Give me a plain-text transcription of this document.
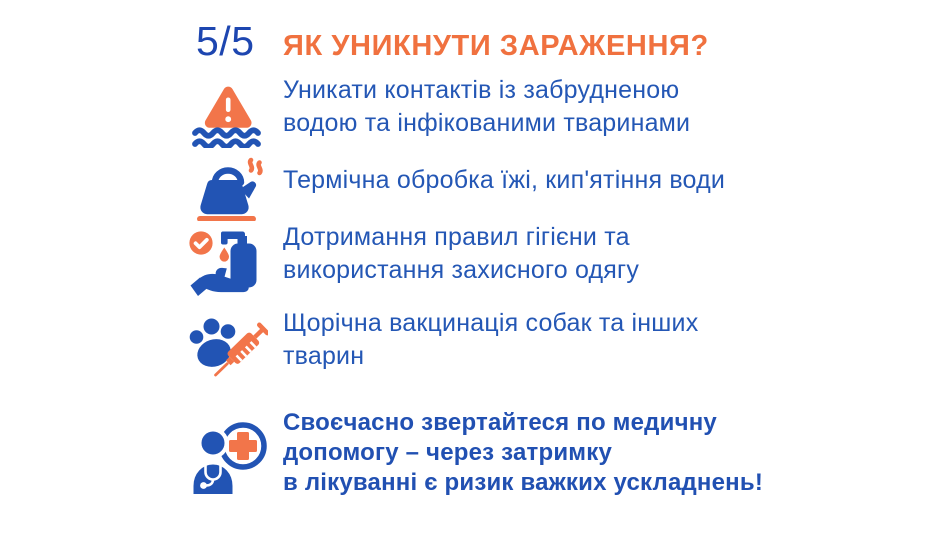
5/5 ЯК УНИКНУТИ ЗАРАЖЕННЯ?
Уникати контактів із забрудненою
водою та інфікованими тваринами
Термічна обробка їжі, кип'ятіння води
Дотримання правил гігієни та
використання захисного одягу
Щорічна вакцинація собак та інших
тварин
Своєчасно звертайтеся по медичну
допомогу – через затримку
в лікуванні є ризик важких ускладнень!
